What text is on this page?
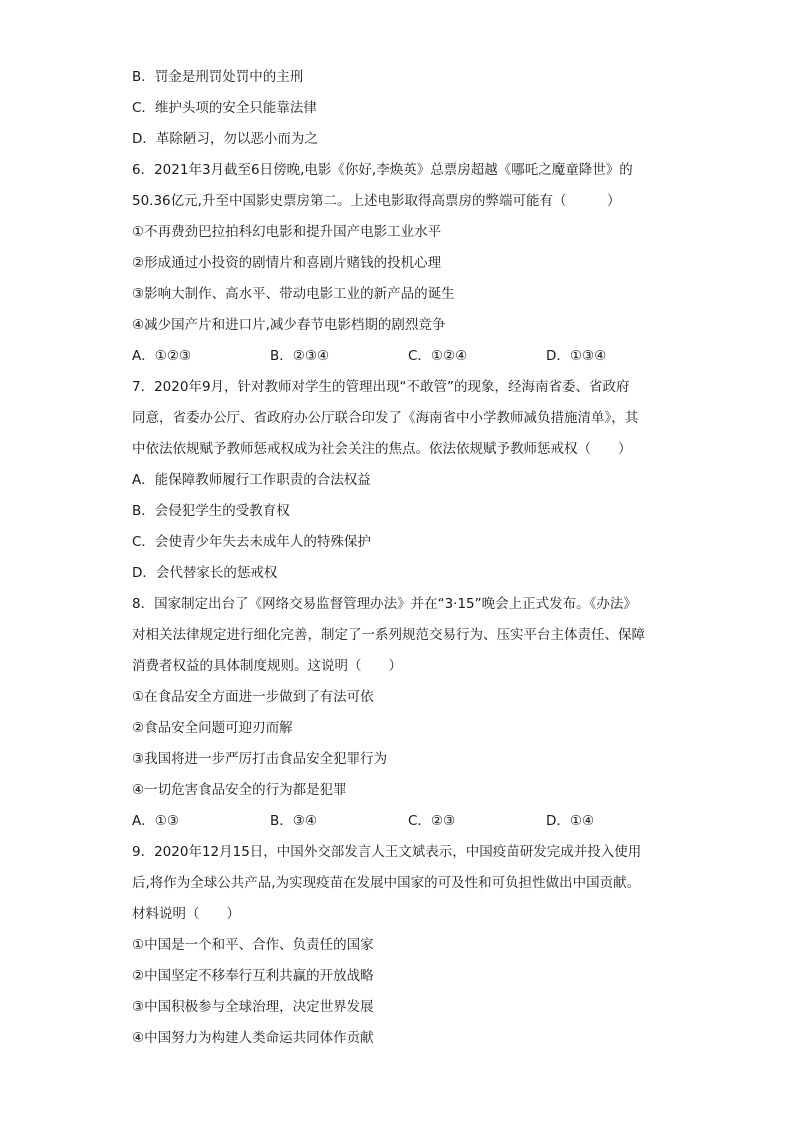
B．罚金是刑罚处罚中的主刑
C．维护头项的安全只能靠法律
D．革除陋习，勿以恶小而为之
6．2021年3月截至6日傍晚,电影《你好,李焕英》总票房超越《哪吒之魔童降世》的
50.36亿元,升至中国影史票房第二。上述电影取得高票房的弊端可能有（　　　）
①不再费劲巴拉拍科幻电影和提升国产电影工业水平
②形成通过小投资的剧情片和喜剧片赌钱的投机心理
③影响大制作、高水平、带动电影工业的新产品的诞生
④减少国产片和进口片,减少春节电影档期的剧烈竞争
A．①②③	B．②③④	C．①②④	D．①③④
7．2020年9月，针对教师对学生的管理出现“不敢管”的现象，经海南省委、省政府
同意，省委办公厅、省政府办公厅联合印发了《海南省中小学教师减负措施清单》，其
中依法依规赋予教师惩戒权成为社会关注的焦点。依法依规赋予教师惩戒权（　　）
A．能保障教师履行工作职责的合法权益
B．会侵犯学生的受教育权
C．会使青少年失去未成年人的特殊保护
D．会代替家长的惩戒权
8．国家制定出台了《网络交易监督管理办法》并在“3·15”晚会上正式发布。《办法》
对相关法律规定进行细化完善，制定了一系列规范交易行为、压实平台主体责任、保障
消费者权益的具体制度规则。这说明（　　）
①在食品安全方面进一步做到了有法可依
②食品安全问题可迎刃而解
③我国将进一步严厉打击食品安全犯罪行为
④一切危害食品安全的行为都是犯罪
A．①③	B．③④	C．②③	D．①④
9．2020年12月15日，中国外交部发言人王文斌表示，中国疫苗研发完成并投入使用
后,将作为全球公共产品,为实现疫苗在发展中国家的可及性和可负担性做出中国贡献。
材料说明（　　）
①中国是一个和平、合作、负责任的国家
②中国坚定不移奉行互利共赢的开放战略
③中国积极参与全球治理，决定世界发展
④中国努力为构建人类命运共同体作贡献
